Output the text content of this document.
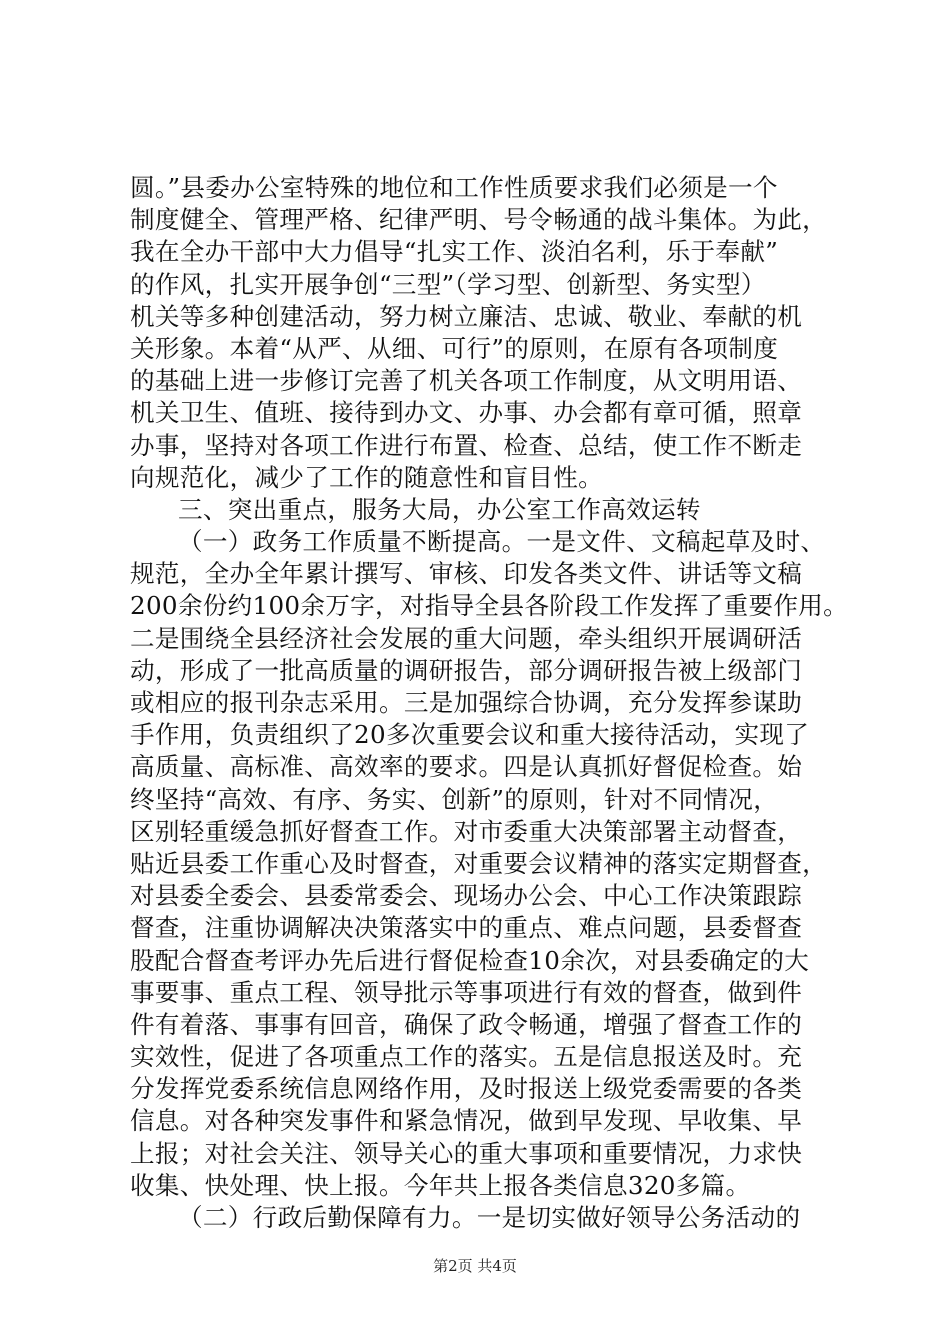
圆。”县委办公室特殊的地位和工作性质要求我们必须是一个
制度健全、管理严格、纪律严明、号令畅通的战斗集体。为此，
我在全办干部中大力倡导“扎实工作、淡泊名利，乐于奉献”
的作风，扎实开展争创“三型”（学习型、创新型、务实型）
机关等多种创建活动，努力树立廉洁、忠诚、敬业、奉献的机
关形象。本着“从严、从细、可行”的原则，在原有各项制度
的基础上进一步修订完善了机关各项工作制度，从文明用语、
机关卫生、值班、接待到办文、办事、办会都有章可循，照章
办事，坚持对各项工作进行布置、检查、总结，使工作不断走
向规范化，减少了工作的随意性和盲目性。
三、突出重点，服务大局，办公室工作高效运转
（一）政务工作质量不断提高。一是文件、文稿起草及时、
规范，全办全年累计撰写、审核、印发各类文件、讲话等文稿
200余份约100余万字，对指导全县各阶段工作发挥了重要作用。
二是围绕全县经济社会发展的重大问题，牵头组织开展调研活
动，形成了一批高质量的调研报告，部分调研报告被上级部门
或相应的报刊杂志采用。三是加强综合协调，充分发挥参谋助
手作用，负责组织了20多次重要会议和重大接待活动，实现了
高质量、高标准、高效率的要求。四是认真抓好督促检查。始
终坚持“高效、有序、务实、创新”的原则，针对不同情况，
区别轻重缓急抓好督查工作。对市委重大决策部署主动督查，
贴近县委工作重心及时督查，对重要会议精神的落实定期督查，
对县委全委会、县委常委会、现场办公会、中心工作决策跟踪
督查，注重协调解决决策落实中的重点、难点问题，县委督查
股配合督查考评办先后进行督促检查10余次，对县委确定的大
事要事、重点工程、领导批示等事项进行有效的督查，做到件
件有着落、事事有回音，确保了政令畅通，增强了督查工作的
实效性，促进了各项重点工作的落实。五是信息报送及时。充
分发挥党委系统信息网络作用，及时报送上级党委需要的各类
信息。对各种突发事件和紧急情况，做到早发现、早收集、早
上报；对社会关注、领导关心的重大事项和重要情况，力求快
收集、快处理、快上报。今年共上报各类信息320多篇。
（二）行政后勤保障有力。一是切实做好领导公务活动的
第2页 共4页
